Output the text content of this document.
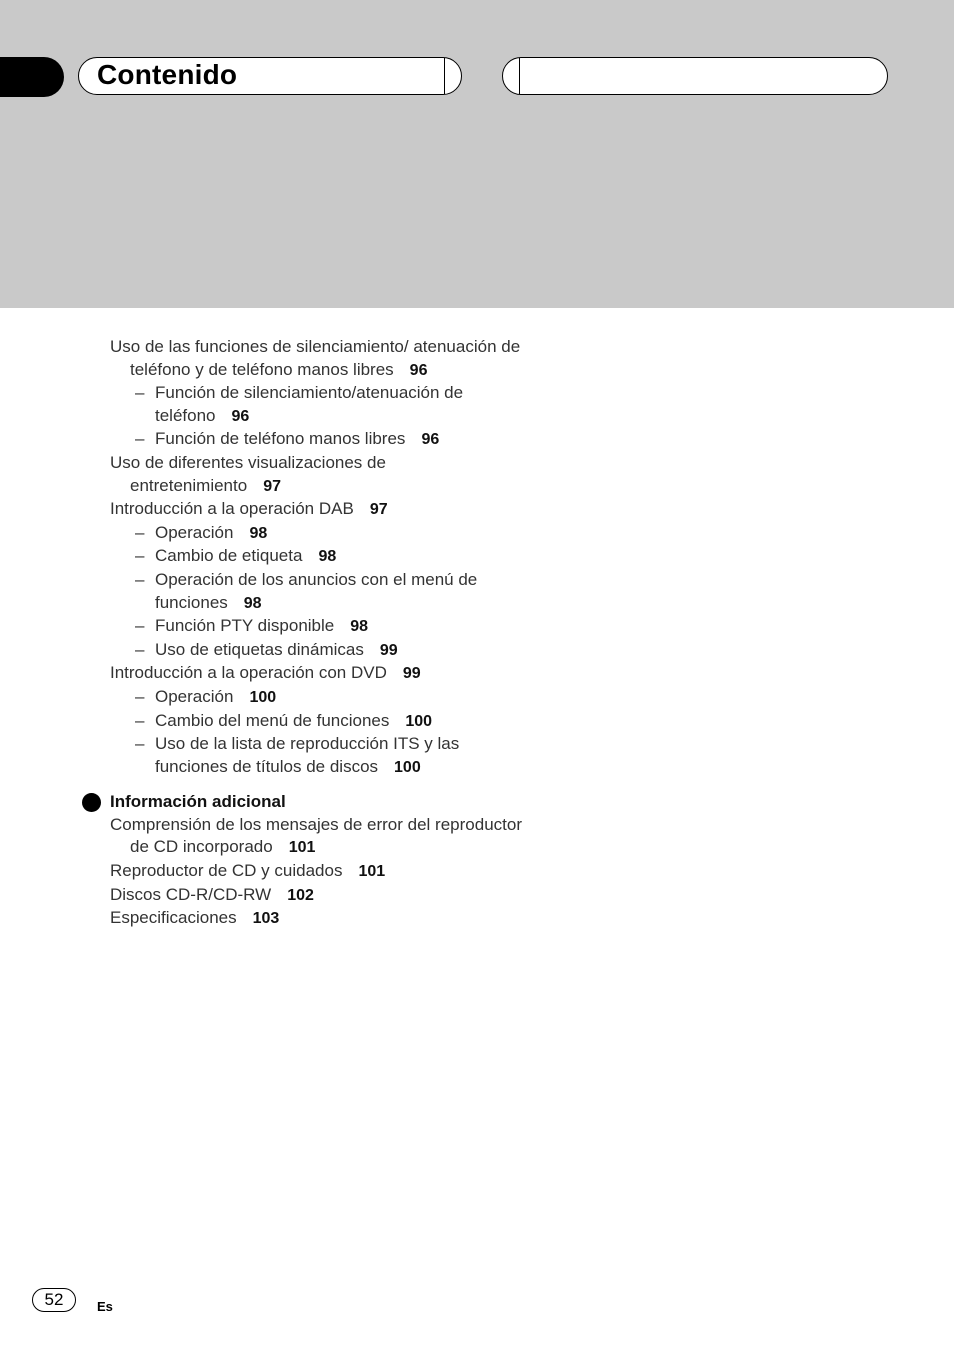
Contenido
Uso de las funciones de silenciamiento/ atenuación de teléfono y de teléfono manos libres 96
– Función de silenciamiento/atenuación de teléfono 96
– Función de teléfono manos libres 96
Uso de diferentes visualizaciones de entretenimiento 97
Introducción a la operación DAB 97
– Operación 98
– Cambio de etiqueta 98
– Operación de los anuncios con el menú de funciones 98
– Función PTY disponible 98
– Uso de etiquetas dinámicas 99
Introducción a la operación con DVD 99
– Operación 100
– Cambio del menú de funciones 100
– Uso de la lista de reproducción ITS y las funciones de títulos de discos 100
Información adicional
Comprensión de los mensajes de error del reproductor de CD incorporado 101
Reproductor de CD y cuidados 101
Discos CD-R/CD-RW 102
Especificaciones 103
52	Es
